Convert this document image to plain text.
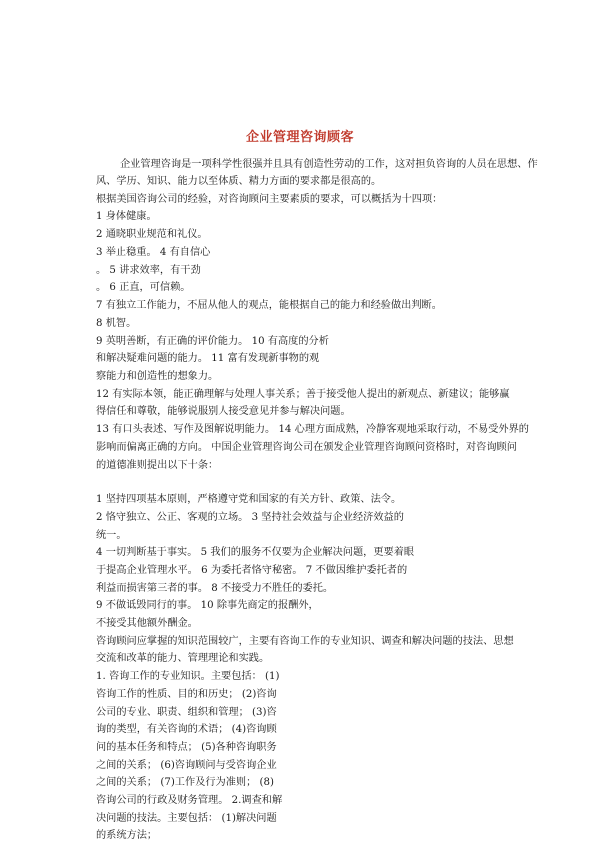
企业管理咨询顾客
企业管理咨询是一项科学性很强并且具有创造性劳动的工作，这对担负咨询的人员在思想、作
风、学历、知识、能力以至体质、精力方面的要求都是很高的。
根据美国咨询公司的经验，对咨询顾问主要素质的要求，可以概括为十四项：
1 身体健康。
2 通晓职业规范和礼仪。
3 举止稳重。 4 有自信心
。 5 讲求效率，有干劲
。 6 正直，可信赖。
7 有独立工作能力，不屈从他人的观点，能根据自己的能力和经验做出判断。
8 机智。
9 英明善断，有正确的评价能力。 10 有高度的分析
和解决疑难问题的能力。 11 富有发现新事物的观
察能力和创造性的想象力。
12 有实际本领，能正确理解与处理人事关系；善于接受他人提出的新观点、新建议；能够赢
得信任和尊敬，能够说服别人接受意见并参与解决问题。
13 有口头表述、写作及图解说明能力。 14 心理方面成熟，冷静客观地采取行动，不易受外界的
影响而偏离正确的方向。 中国企业管理咨询公司在颁发企业管理咨询顾问资格时，对咨询顾问
的道德准则提出以下十条：
1 坚持四项基本原则，严格遵守党和国家的有关方针、政策、法令。
2 恪守独立、公正、客观的立场。 3 坚持社会效益与企业经济效益的
统一。
4 一切判断基于事实。 5 我们的服务不仅要为企业解决问题，更要着眼
于提高企业管理水平。 6 为委托者恪守秘密。 7 不做因维护委托者的
利益而损害第三者的事。 8 不接受力不胜任的委托。
9 不做诋毁同行的事。 10 除事先商定的报酬外，
不接受其他额外酬金。
咨询顾问应掌握的知识范围较广，主要有咨询工作的专业知识、调查和解决问题的技法、思想
交流和改革的能力、管理理论和实践。
1. 咨询工作的专业知识。主要包括： (1)
咨询工作的性质、目的和历史； (2)咨询
公司的专业、职责、组织和管理； (3)咨
询的类型，有关咨询的术语； (4)咨询顾
问的基本任务和特点； (5)各种咨询职务
之间的关系； (6)咨询顾问与受咨询企业
之间的关系； (7)工作及行为准则； (8)
咨询公司的行政及财务管理。 2.调查和解
决问题的技法。主要包括： (1)解决问题
的系统方法；
